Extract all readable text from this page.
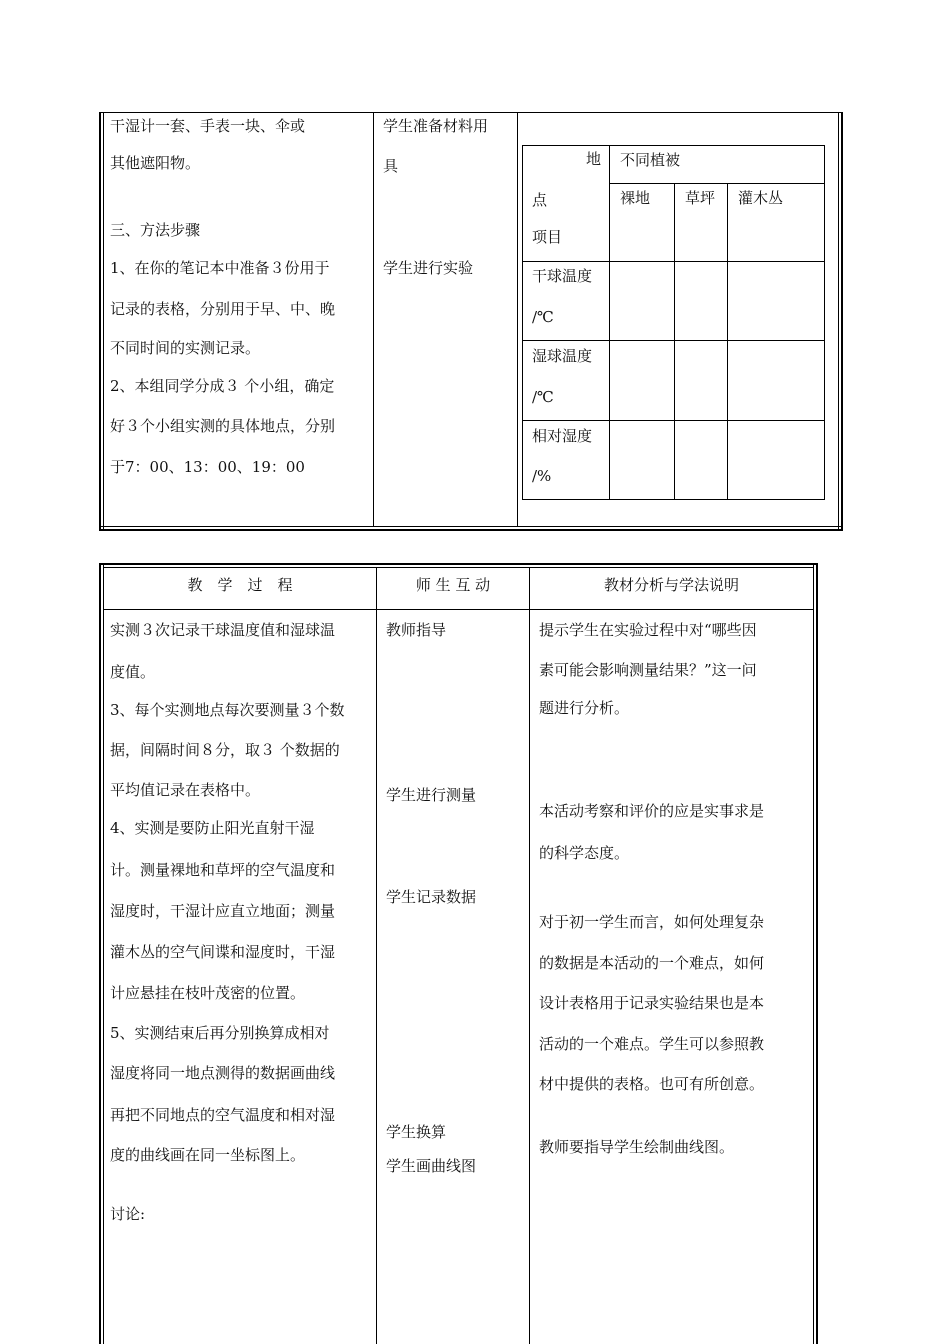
干湿计一套、手表一块、伞或
其他遮阳物。
三、方法步骤
1、在你的笔记本中准备３份用于
记录的表格，分别用于早、中、晚
不同时间的实测记录。
2、本组同学分成３ 个小组，确定
好３个小组实测的具体地点，分别
于7：00、13：00、19：00
学生准备材料用
具
学生进行实验
地
点
项目
不同植被
裸地 草坪 灌木丛
干球温度
/℃
湿球温度
/℃
相对湿度
/%
教　学　过　程	师 生 互 动	教材分析与学法说明
实测３次记录干球温度值和湿球温
度值。
3、每个实测地点每次要测量３个数
据，间隔时间８分，取３ 个数据的
平均值记录在表格中。
4、实测是要防止阳光直射干湿
计。测量裸地和草坪的空气温度和
湿度时，干湿计应直立地面；测量
灌木丛的空气间谍和湿度时，干湿
计应悬挂在枝叶茂密的位置。
5、实测结束后再分别换算成相对
湿度将同一地点测得的数据画曲线
再把不同地点的空气温度和相对湿
度的曲线画在同一坐标图上。
讨论:
教师指导
学生进行测量
学生记录数据
学生换算
学生画曲线图
提示学生在实验过程中对“哪些因
素可能会影响测量结果？”这一问
题进行分析。
本活动考察和评价的应是实事求是
的科学态度。
对于初一学生而言，如何处理复杂
的数据是本活动的一个难点，如何
设计表格用于记录实验结果也是本
活动的一个难点。学生可以参照教
材中提供的表格。也可有所创意。
教师要指导学生绘制曲线图。
